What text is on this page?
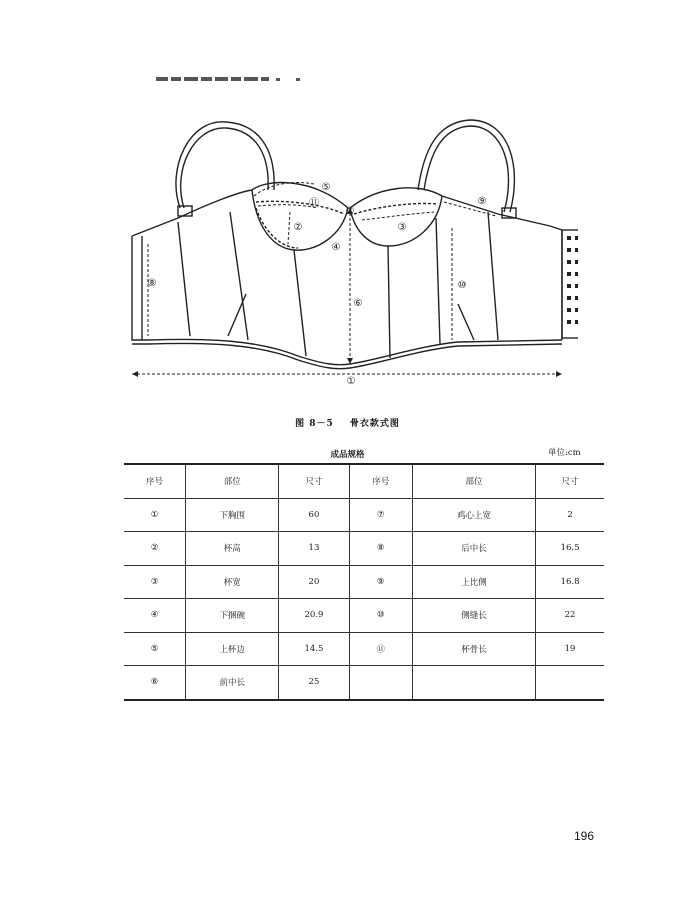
①
②	③
④
⑤
⑥
⑦
⑧
⑨
⑩
⑪
图 8－5 骨衣款式图
成品规格	单位:cm
序号	部位	尺寸	序号	部位	尺寸
①	下胸围	60	⑦	鸡心上宽	2
②	杯高	13	⑧	后中长	16.5
③	杯宽	20	⑨	上比侧	16.8
④	下捆碗	20.9	⑩	侧缝长	22
⑤	上杯边	14.5	⑪	杯骨长	19
⑥	前中长	25			
196
